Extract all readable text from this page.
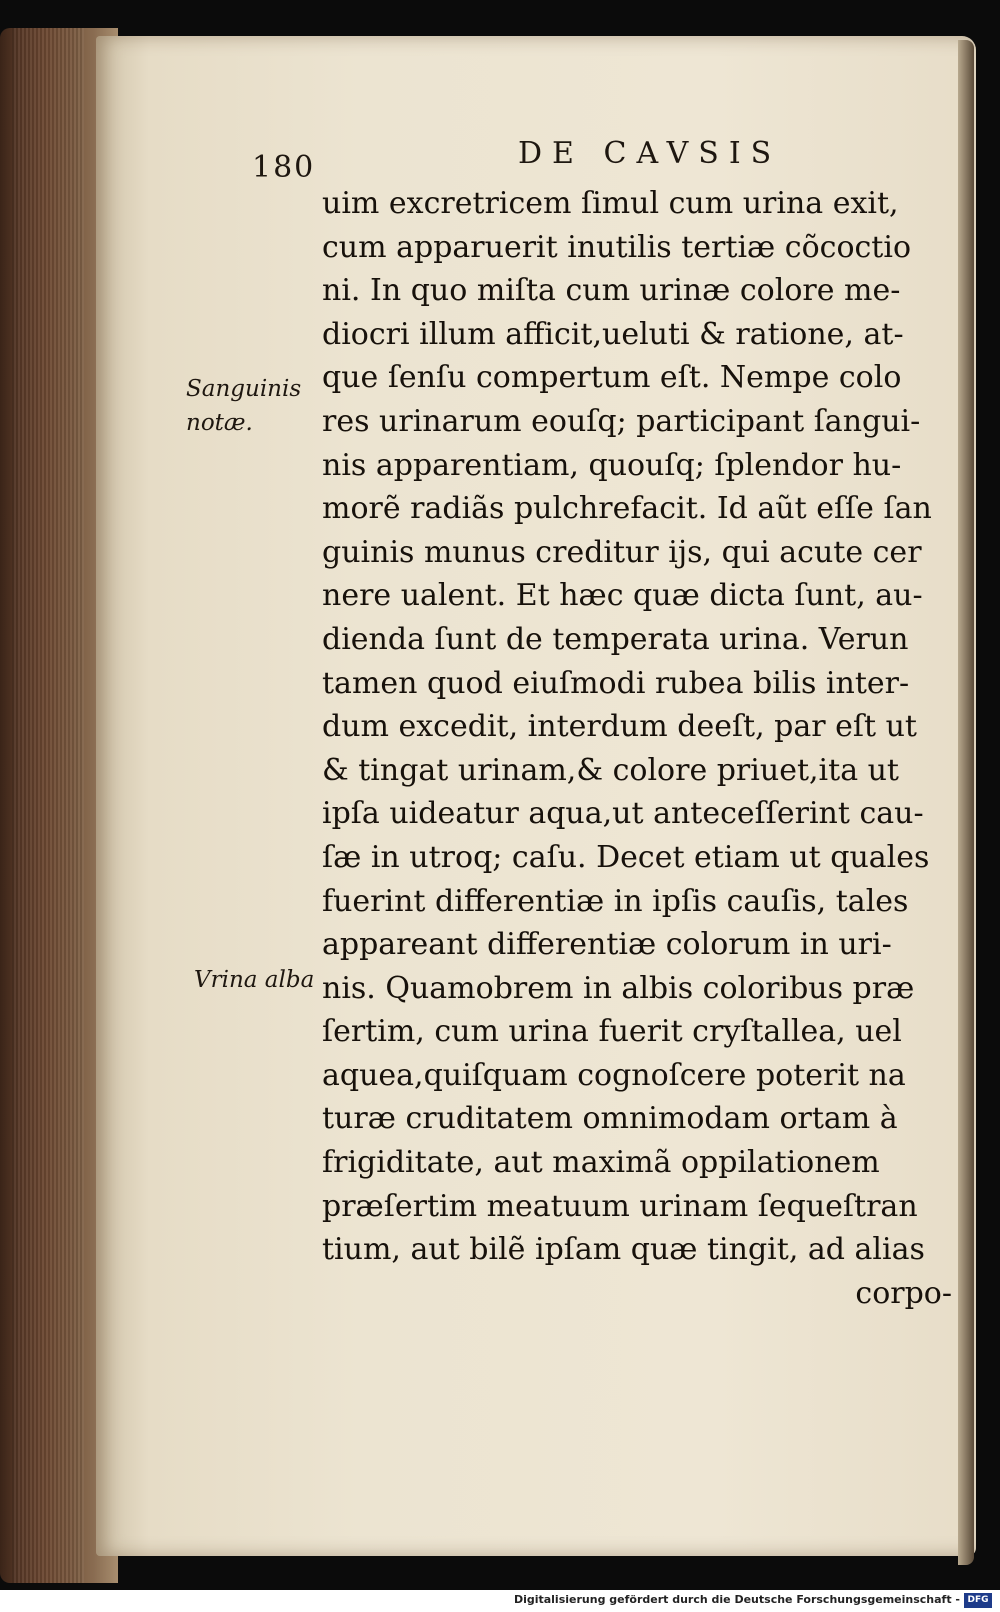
180	DE CAVSIS
Sanguinis
notæ.
Vrina alba
uim excretricem ſimul cum urina exit,
cum apparuerit inutilis tertiæ cõcoctio
ni. In quo miſta cum urinæ colore me-
diocri illum afficit,ueluti & ratione, at-
que ſenſu compertum eſt. Nempe colo
res urinarum eouſq; participant ſangui-
nis apparentiam, quouſq; ſplendor hu-
morẽ radiãs pulchrefacit. Id aũt eſſe ſan
guinis munus creditur ijs, qui acute cer
nere ualent. Et hæc quæ dicta ſunt, au-
dienda ſunt de temperata urina. Verun
tamen quod eiuſmodi rubea bilis inter-
dum excedit, interdum deeſt, par eſt ut
& tingat urinam,& colore priuet,ita ut
ipſa uideatur aqua,ut anteceſſerint cau-
ſæ in utroq; caſu. Decet etiam ut quales
fuerint differentiæ in ipſis cauſis, tales
appareant differentiæ colorum in uri-
nis. Quamobrem in albis coloribus præ
ſertim, cum urina fuerit cryſtallea, uel
aquea,quiſquam cognoſcere poterit na
turæ cruditatem omnimodam ortam à
frigiditate, aut maximã oppilationem
præſertim meatuum urinam ſequeſtran
tium, aut bilẽ ipſam quæ tingit, ad alias
corpo-
Digitalisierung gefördert durch die Deutsche Forschungsgemeinschaft - DFG
